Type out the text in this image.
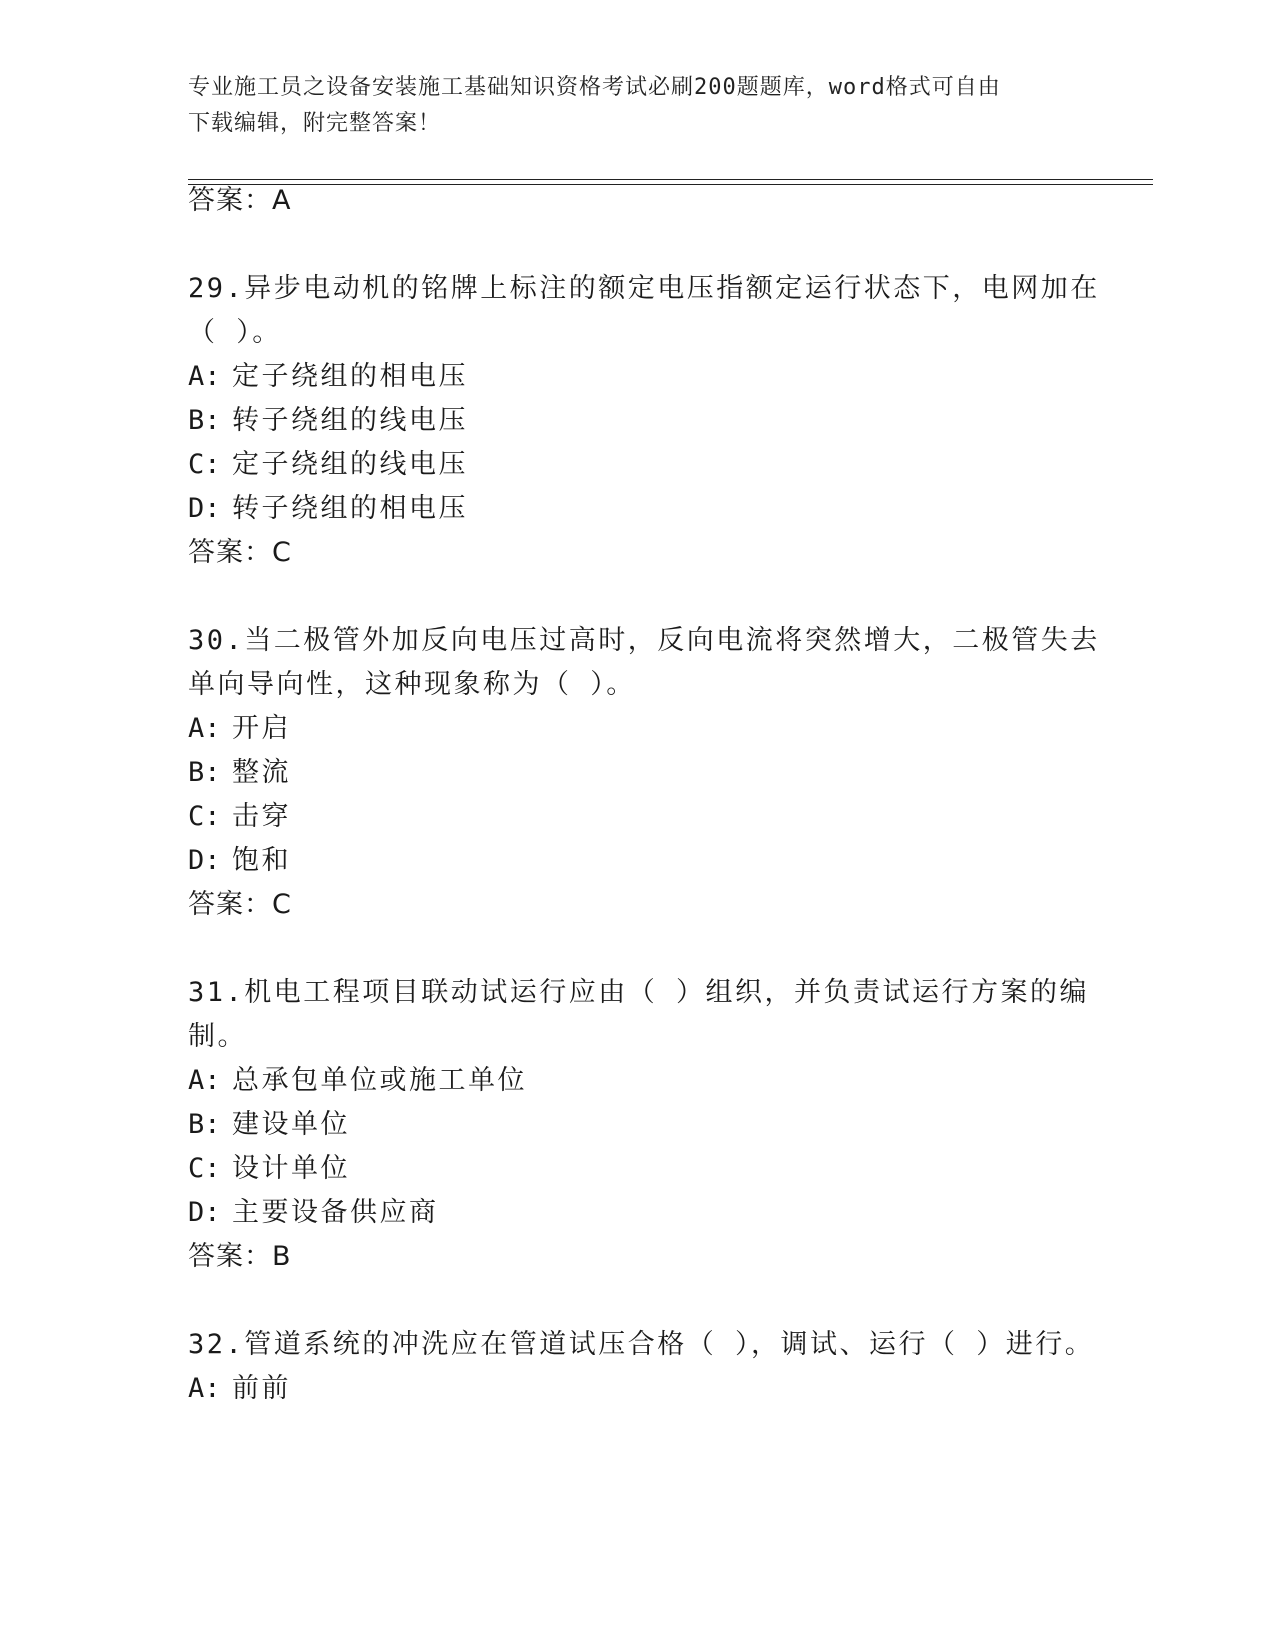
专业施工员之设备安装施工基础知识资格考试必刷200题题库，word格式可自由
下载编辑，附完整答案！
答案：A
29.异步电动机的铭牌上标注的额定电压指额定运行状态下，电网加在
（ ）。
A: 定子绕组的相电压
B: 转子绕组的线电压
C: 定子绕组的线电压
D: 转子绕组的相电压
答案：C
30.当二极管外加反向电压过高时，反向电流将突然增大，二极管失去
单向导向性，这种现象称为（ ）。
A: 开启
B: 整流
C: 击穿
D: 饱和
答案：C
31.机电工程项目联动试运行应由（ ）组织，并负责试运行方案的编
制。
A: 总承包单位或施工单位
B: 建设单位
C: 设计单位
D: 主要设备供应商
答案：B
32.管道系统的冲洗应在管道试压合格（ ），调试、运行（ ）进行。
A: 前前
